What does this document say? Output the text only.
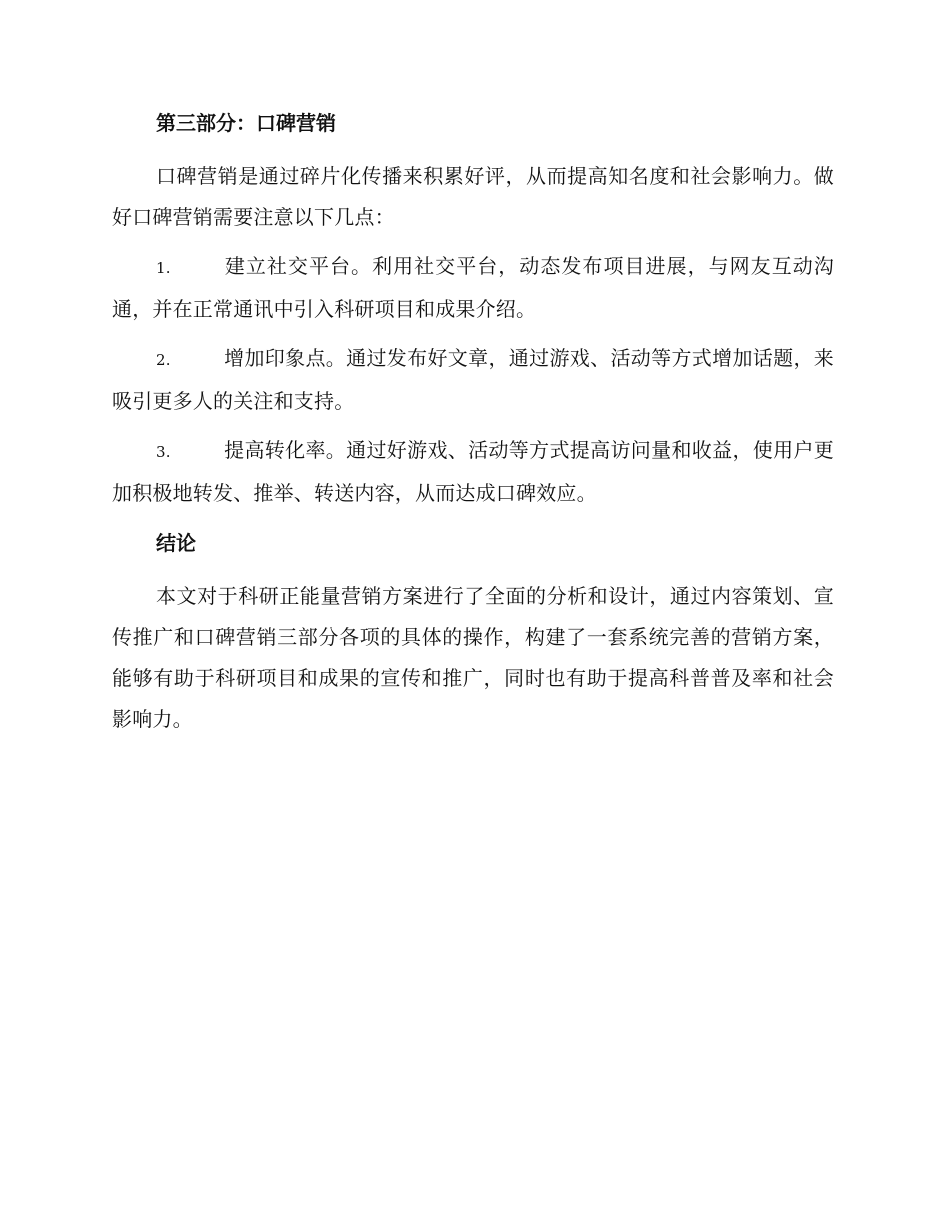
第三部分：口碑营销

口碑营销是通过碎片化传播来积累好评，从而提高知名度和社会影响力。做好口碑营销需要注意以下几点：

1.	建立社交平台。利用社交平台，动态发布项目进展，与网友互动沟通，并在正常通讯中引入科研项目和成果介绍。

2.	增加印象点。通过发布好文章，通过游戏、活动等方式增加话题，来吸引更多人的关注和支持。

3.	提高转化率。通过好游戏、活动等方式提高访问量和收益，使用户更加积极地转发、推举、转送内容，从而达成口碑效应。

结论

本文对于科研正能量营销方案进行了全面的分析和设计，通过内容策划、宣传推广和口碑营销三部分各项的具体的操作，构建了一套系统完善的营销方案，能够有助于科研项目和成果的宣传和推广，同时也有助于提高科普普及率和社会影响力。
